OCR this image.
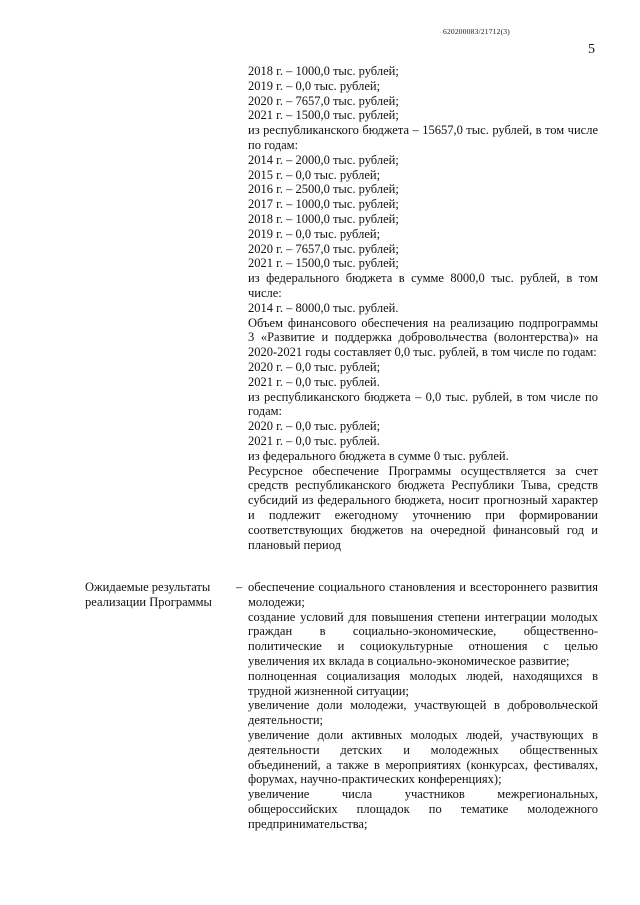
620200083/21712(3)
5
2018 г. – 1000,0 тыс. рублей;
2019 г. – 0,0 тыс. рублей;
2020 г. – 7657,0 тыс. рублей;
2021 г. – 1500,0 тыс. рублей;
из республиканского бюджета – 15657,0 тыс. рублей, в том числе по годам:
2014 г. – 2000,0 тыс. рублей;
2015 г. – 0,0 тыс. рублей;
2016 г. – 2500,0 тыс. рублей;
2017 г. – 1000,0 тыс. рублей;
2018 г. – 1000,0 тыс. рублей;
2019 г. – 0,0 тыс. рублей;
2020 г. – 7657,0 тыс. рублей;
2021 г. – 1500,0 тыс. рублей;
из федерального бюджета в сумме 8000,0 тыс. рублей, в том числе:
2014 г. – 8000,0 тыс. рублей.
Объем финансового обеспечения на реализацию подпрограммы 3 «Развитие и поддержка добровольчества (волонтерства)» на 2020-2021 годы составляет 0,0 тыс. рублей, в том числе по годам:
2020 г. – 0,0 тыс. рублей;
2021 г. – 0,0 тыс. рублей.
из республиканского бюджета – 0,0 тыс. рублей, в том числе по годам:
2020 г. – 0,0 тыс. рублей;
2021 г. – 0,0 тыс. рублей.
из федерального бюджета в сумме 0 тыс. рублей.
Ресурсное обеспечение Программы осуществляется за счет средств республиканского бюджета Республики Тыва, средств субсидий из федерального бюджета, носит прогнозный характер и подлежит ежегодному уточнению при формировании соответствующих бюджетов на очередной финансовый год и плановый период
Ожидаемые результаты реализации Программы
– обеспечение социального становления и всестороннего развития молодежи;
создание условий для повышения степени интеграции молодых граждан в социально-экономические, общественно-политические и социокультурные отношения с целью увеличения их вклада в социально-экономическое развитие;
полноценная социализация молодых людей, находящихся в трудной жизненной ситуации;
увеличение доли молодежи, участвующей в добровольческой деятельности;
увеличение доли активных молодых людей, участвующих в деятельности детских и молодежных общественных объединений, а также в мероприятиях (конкурсах, фестивалях, форумах, научно-практических конференциях);
увеличение числа участников межрегиональных, общероссийских площадок по тематике молодежного предпринимательства;
